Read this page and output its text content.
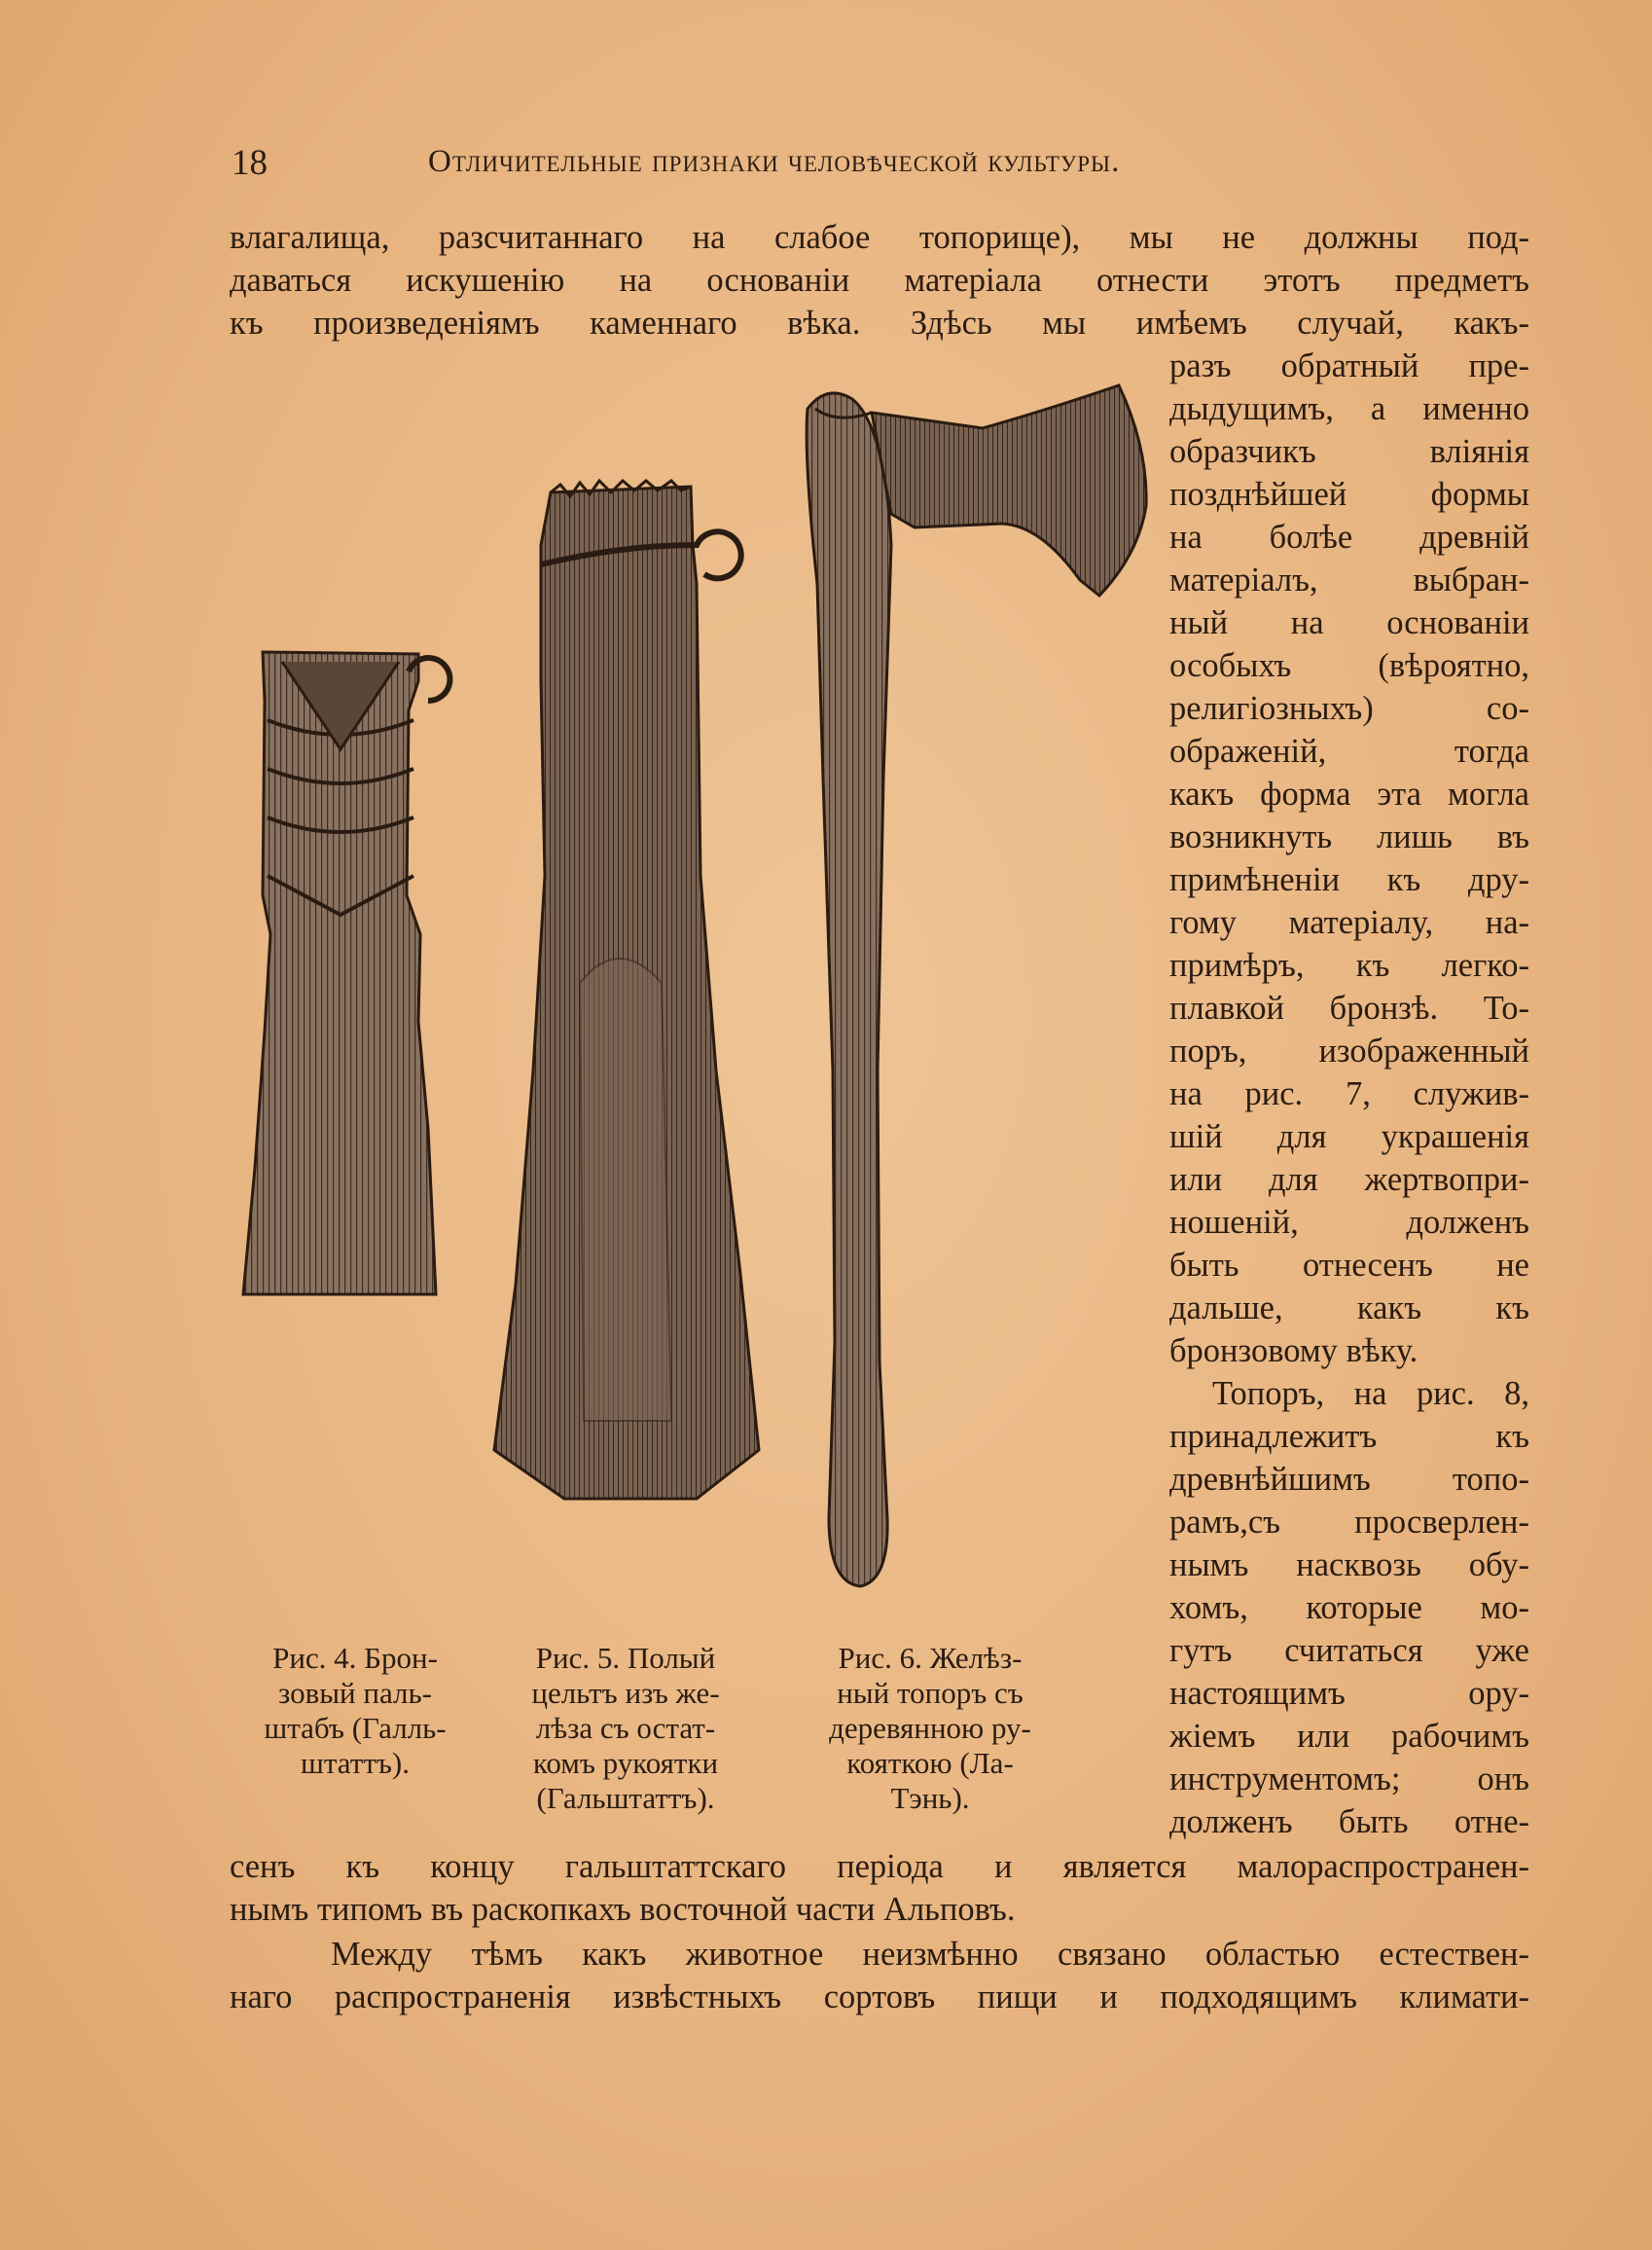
18	Отличительные признаки человѣческой культуры.
влагалища, разсчитаннаго на слабое топорище), мы не должны под-
даваться искушенію на основаніи матеріала отнести этотъ предметъ
къ произведеніямъ каменнаго вѣка. Здѣсь мы имѣемъ случай, какъ-
разъ обратный пре-
дыдущимъ, а именно
образчикъ вліянія
позднѣйшей формы
на болѣе древній
матеріалъ, выбран-
ный на основаніи
особыхъ (вѣроятно,
религіозныхъ) со-
ображеній, тогда
какъ форма эта могла
возникнуть лишь въ
примѣненіи къ дру-
гому матеріалу, на-
примѣръ, къ легко-
плавкой бронзѣ. То-
поръ, изображенный
на рис. 7, служив-
шій для украшенія
или для жертвопри-
ношеній, долженъ
быть отнесенъ не
дальше, какъ къ
бронзовому вѣку.
Топоръ, на рис. 8,
принадлежитъ къ
древнѣйшимъ топо-
рамъ,съ просверлен-
нымъ насквозь обу-
хомъ, которые мо-
гутъ считаться уже
настоящимъ ору-
жіемъ или рабочимъ
инструментомъ; онъ
долженъ быть отне-
сенъ къ концу гальштаттскаго періода и является малораспространен-
нымъ типомъ въ раскопкахъ восточной части Альповъ.
Между тѣмъ какъ животное неизмѣнно связано областью естествен-
наго распространенія извѣстныхъ сортовъ пищи и подходящимъ климати-
Рис. 4. Брон-
зовый паль-
штабъ (Галль-
штаттъ).
Рис. 5. Полый
цельтъ изъ же-
лѣза съ остат-
комъ рукоятки
(Гальштаттъ).
Рис. 6. Желѣз-
ный топоръ съ
деревянною ру-
кояткою (Ла-
Тэнь).
